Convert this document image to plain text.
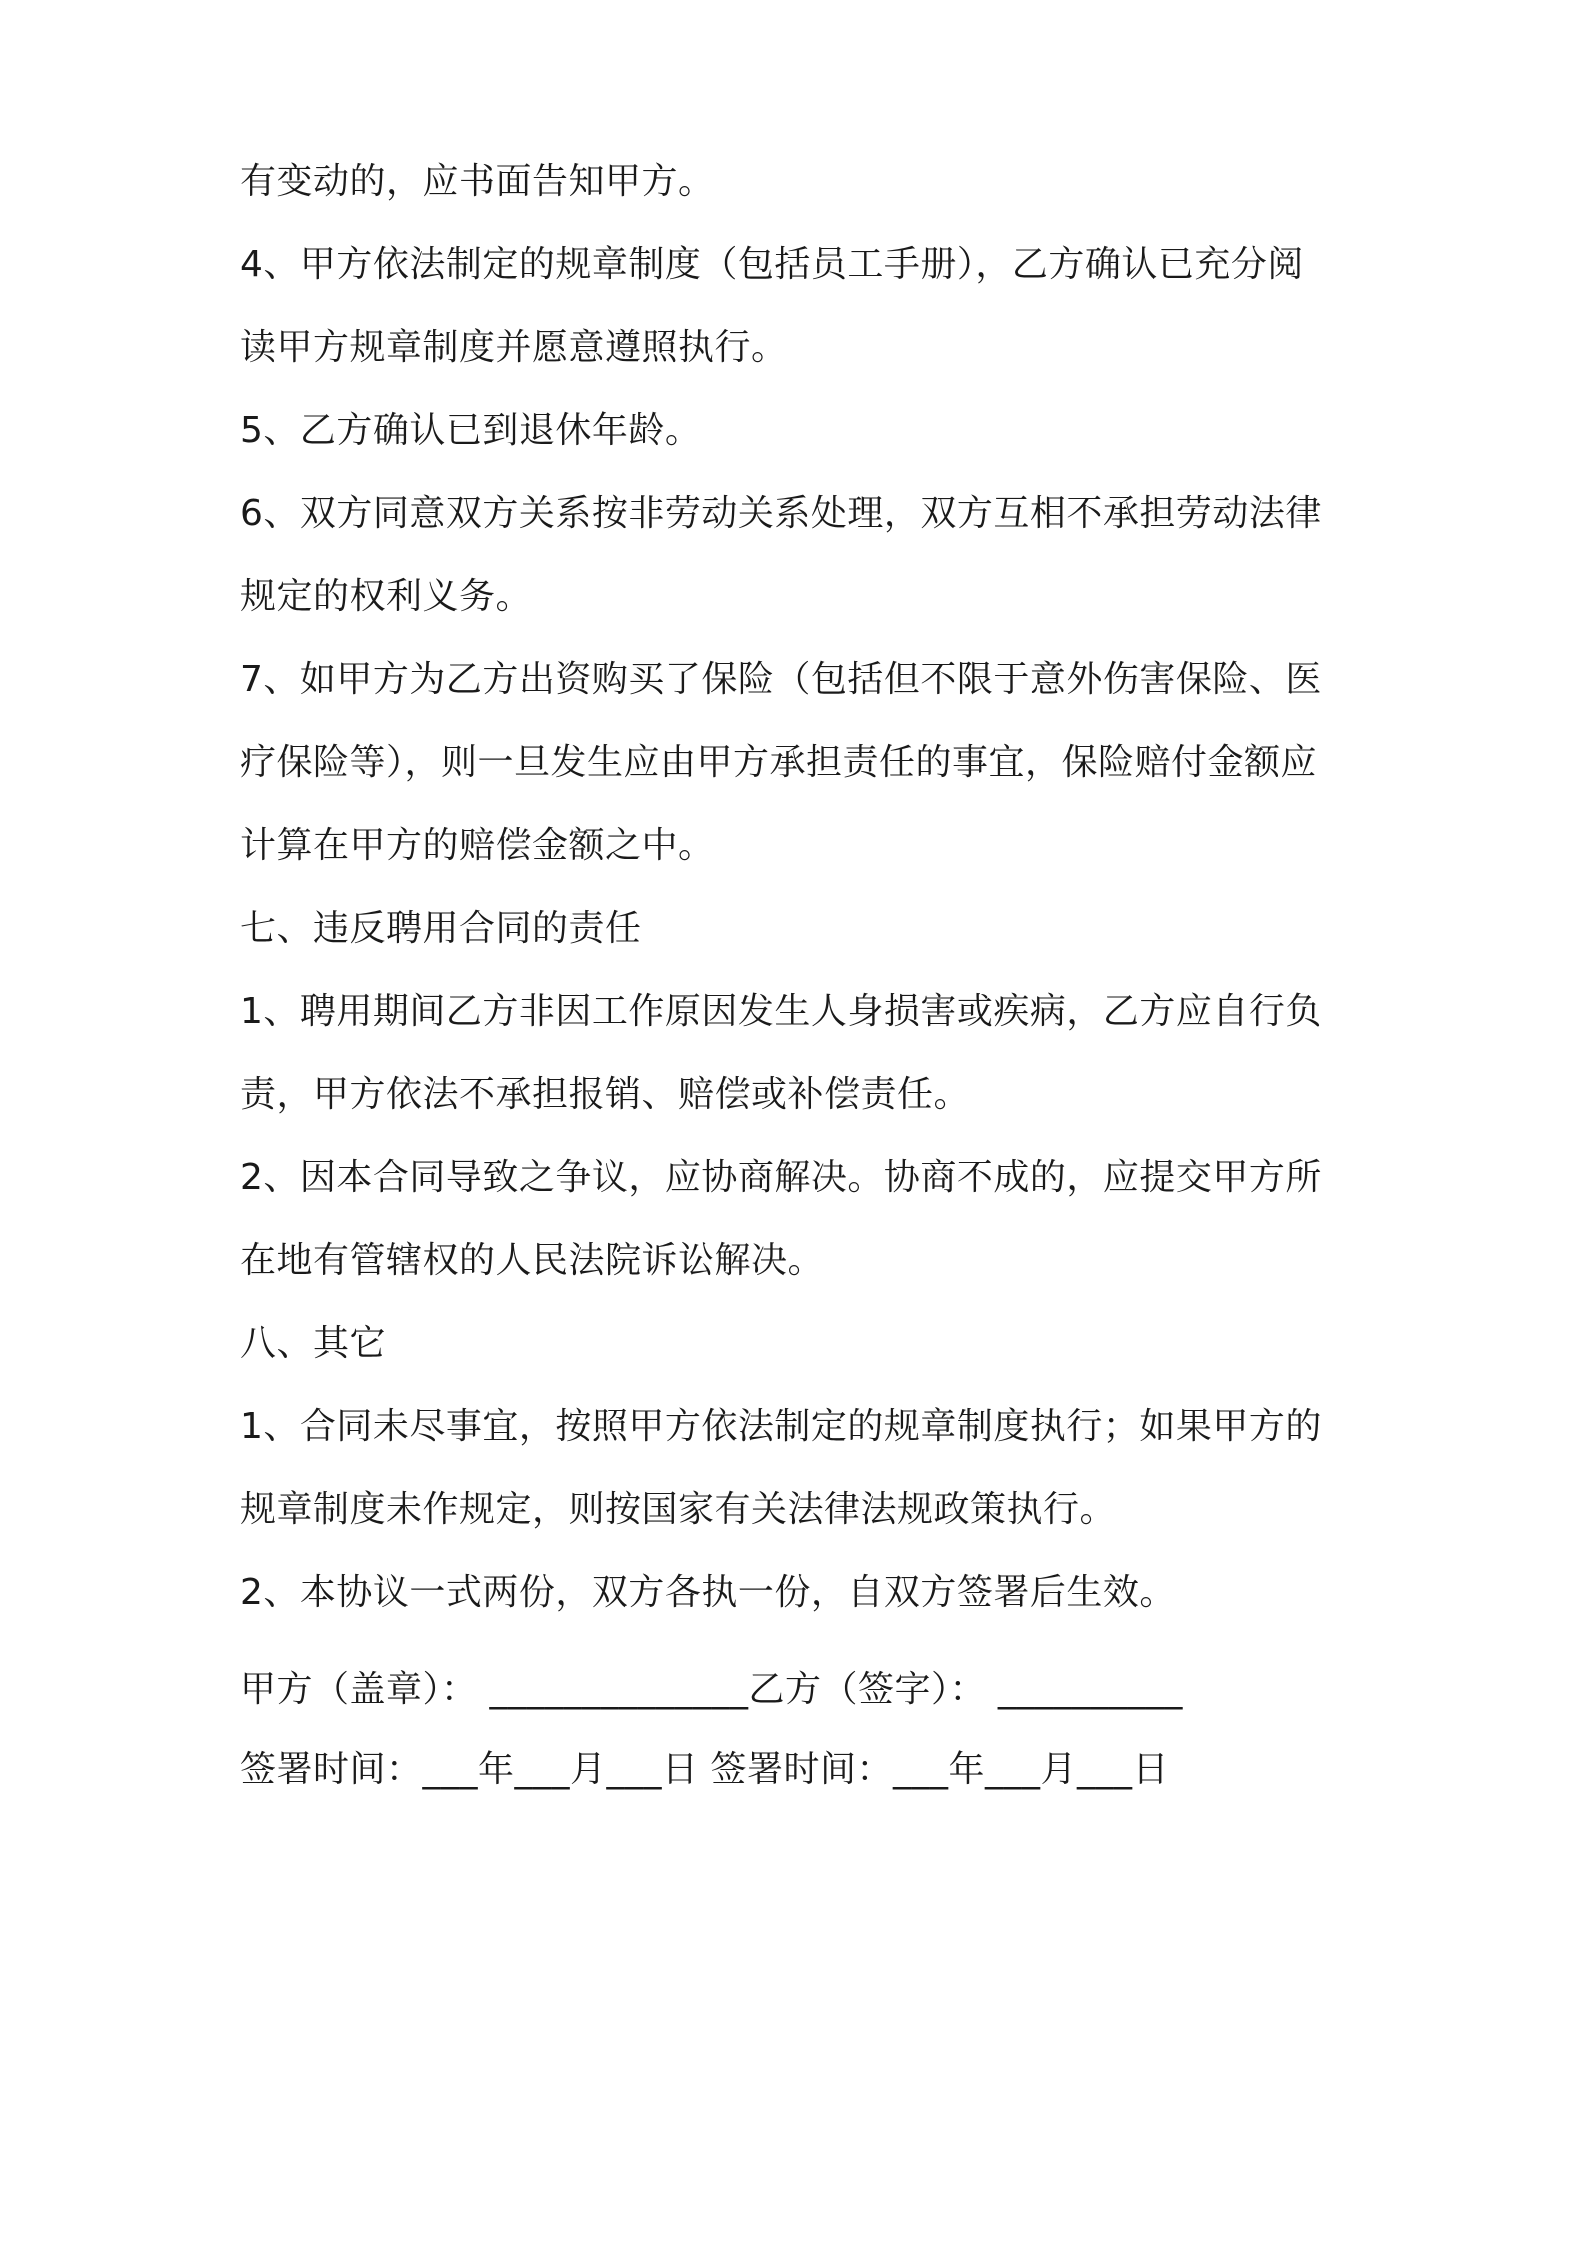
有变动的，应书面告知甲方。
4、甲方依法制定的规章制度（包括员工手册），乙方确认已充分阅
读甲方规章制度并愿意遵照执行。
5、乙方确认已到退休年龄。
6、双方同意双方关系按非劳动关系处理，双方互相不承担劳动法律
规定的权利义务。
7、如甲方为乙方出资购买了保险（包括但不限于意外伤害保险、医
疗保险等），则一旦发生应由甲方承担责任的事宜，保险赔付金额应
计算在甲方的赔偿金额之中。
七、违反聘用合同的责任
1、聘用期间乙方非因工作原因发生人身损害或疾病，乙方应自行负
责，甲方依法不承担报销、赔偿或补偿责任。
2、因本合同导致之争议，应协商解决。协商不成的，应提交甲方所
在地有管辖权的人民法院诉讼解决。
八、其它
1、合同未尽事宜，按照甲方依法制定的规章制度执行；如果甲方的
规章制度未作规定，则按国家有关法律法规政策执行。
2、本协议一式两份，双方各执一份，自双方签署后生效。
甲方（盖章）： ______________乙方（签字）： __________
签署时间：___年___月___日 签署时间：___年___月___日
